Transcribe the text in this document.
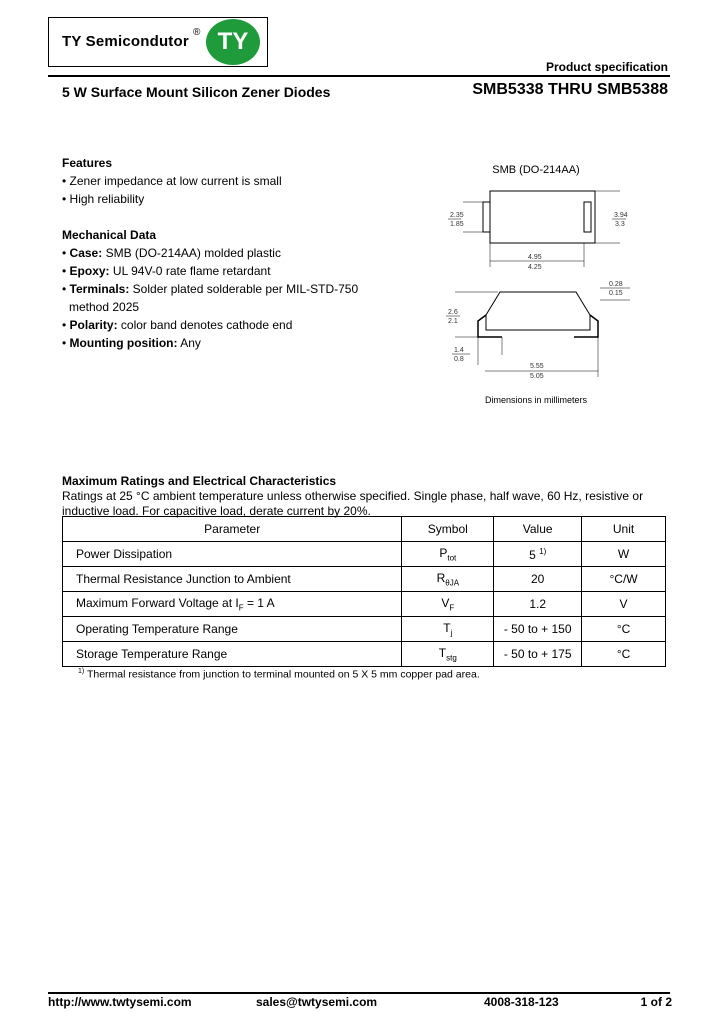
TY Semicondutor
® TY
Product specification
5 W Surface Mount Silicon Zener Diodes	SMB5338 THRU SMB5388
Features
• Zener impedance at low current is small
• High reliability
Mechanical Data
• Case: SMB (DO-214AA) molded plastic
• Epoxy: UL 94V-0 rate flame retardant
• Terminals: Solder plated solderable per MIL-STD-750
method 2025
• Polarity: color band denotes cathode end
• Mounting position: Any
SMB (DO-214AA)
2.35
1.85
3.94
3.3
4.95
4.25
2.6
2.1
0.28
0.15
1.4
0.8
5.55
5.05
Dimensions in millimeters
Maximum Ratings and Electrical Characteristics
Ratings at 25 °C ambient temperature unless otherwise specified. Single phase, half wave, 60 Hz, resistive or inductive load. For capacitive load, derate current by 20%.
Parameter	Symbol	Value	Unit
Power Dissipation	$P_{tot}$	5 $^{1)}$	W
Thermal Resistance Junction to Ambient	$R_{\theta JA}$	20	°C/W
Maximum Forward Voltage at $I_F = 1$ A	$V_F$	1.2	V
Operating Temperature Range	$T_j$	- 50 to + 150	°C
Storage Temperature Range	$T_{stg}$	- 50 to + 175	°C
$^{1)}$ Thermal resistance from junction to terminal mounted on 5 X 5 mm copper pad area.
http://www.twtysemi.com	sales@twtysemi.com	4008-318-123	1 of 2
